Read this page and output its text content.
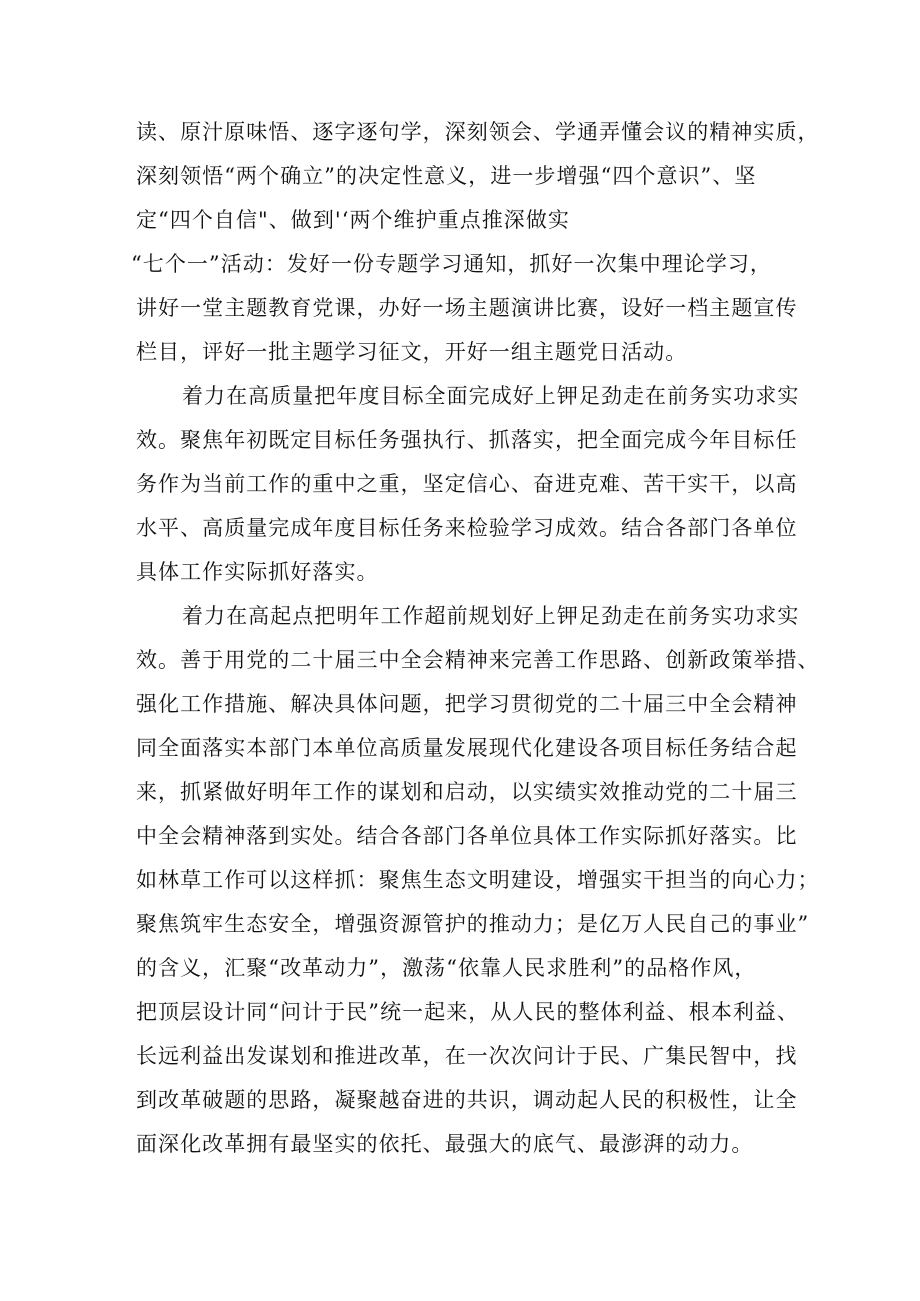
读、原汁原味悟、逐字逐句学，深刻领会、学通弄懂会议的精神实质，

深刻领悟“两个确立”的决定性意义，进一步增强“四个意识”、坚

定“四个自信"、做到'‘两个维护重点推深做实

“七个一”活动：发好一份专题学习通知，抓好一次集中理论学习，

讲好一堂主题教育党课，办好一场主题演讲比赛，设好一档主题宣传

栏目，评好一批主题学习征文，开好一组主题党日活动。

着力在高质量把年度目标全面完成好上钾足劲走在前务实功求实

效。聚焦年初既定目标任务强执行、抓落实，把全面完成今年目标任

务作为当前工作的重中之重，坚定信心、奋进克难、苦干实干，以高

水平、高质量完成年度目标任务来检验学习成效。结合各部门各单位

具体工作实际抓好落实。

着力在高起点把明年工作超前规划好上钾足劲走在前务实功求实

效。善于用党的二十届三中全会精神来完善工作思路、创新政策举措、

强化工作措施、解决具体问题，把学习贯彻党的二十届三中全会精神

同全面落实本部门本单位高质量发展现代化建设各项目标任务结合起

来，抓紧做好明年工作的谋划和启动，以实绩实效推动党的二十届三

中全会精神落到实处。结合各部门各单位具体工作实际抓好落实。比

如林草工作可以这样抓：聚焦生态文明建设，增强实干担当的向心力；

聚焦筑牢生态安全，增强资源管护的推动力；是亿万人民自己的事业”

的含义，汇聚“改革动力”，激荡“依靠人民求胜利”的品格作风，

把顶层设计同“问计于民”统一起来，从人民的整体利益、根本利益、

长远利益出发谋划和推进改革，在一次次问计于民、广集民智中，找

到改革破题的思路，凝聚越奋进的共识，调动起人民的积极性，让全

面深化改革拥有最坚实的依托、最强大的底气、最澎湃的动力。
